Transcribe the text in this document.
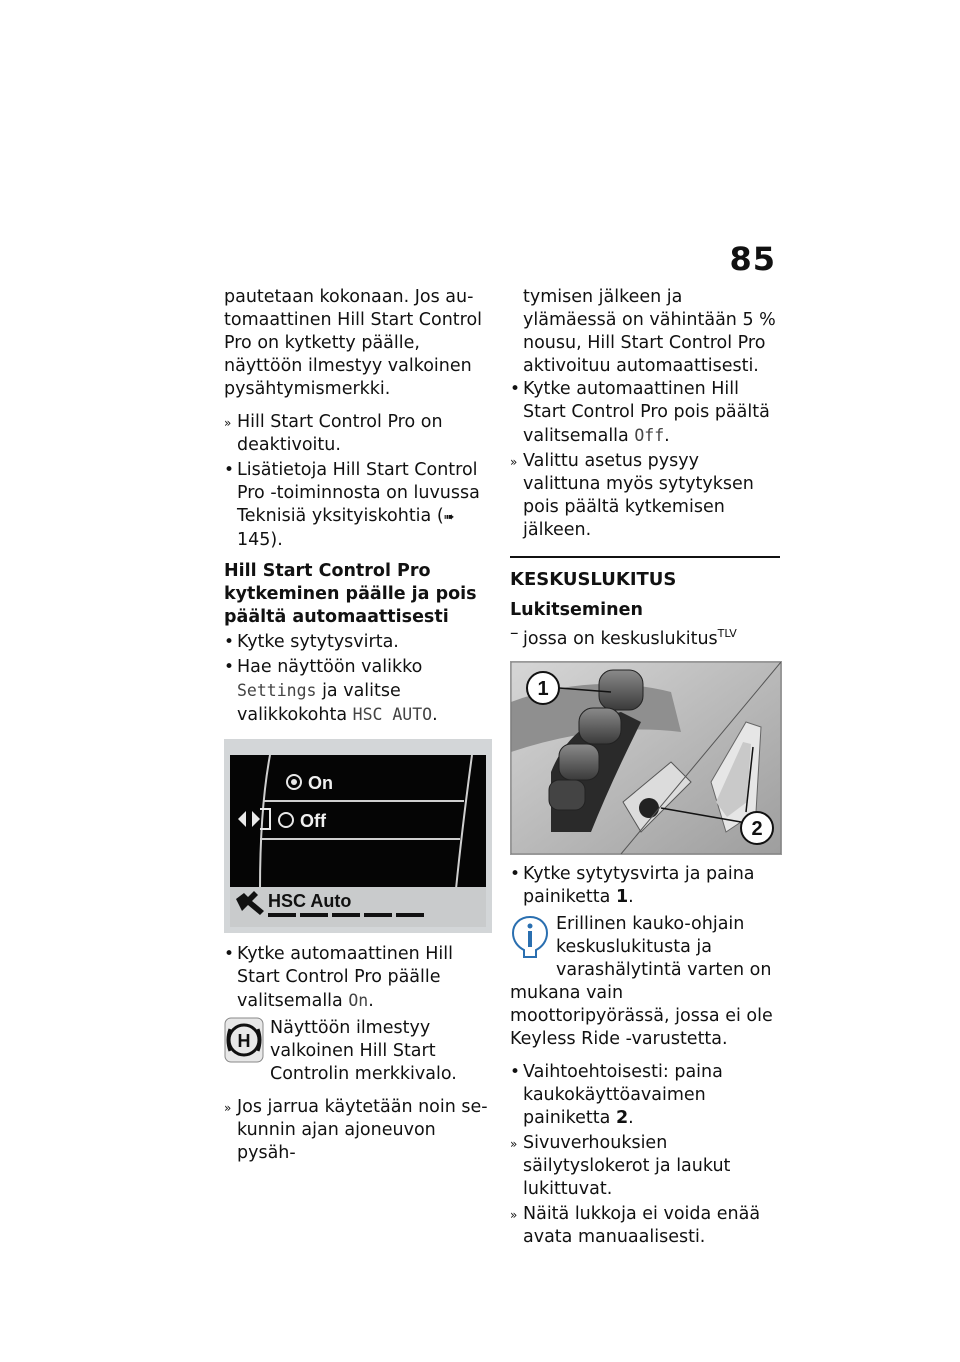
85

pautetaan kokonaan. Jos automaattinen Hill Start Control Pro on kytketty päälle, näyttöön ilmestyy valkoinen pysähtymismerkki.

» Hill Start Control Pro on deaktivoitu.
• Lisätietoja Hill Start Control Pro -toiminnosta on luvussa Teknisiä yksityiskohtia (➠ 145).
Hill Start Control Pro kytkeminen päälle ja pois päältä automaattisesti
• Kytke sytytysvirta.
• Hae näyttöön valikko Settings ja valitse valikkokohta HSC AUTO.
On
Off
HSC Auto
• Kytke automaattinen Hill Start Control Pro päälle valitsemalla On.
H
Näyttöön ilmestyy valkoinen Hill Start Controlin merkkivalo.
» Jos jarrua käytetään noin sekunnin ajan ajoneuvon pysäh-
tymisen jälkeen ja ylämäessä on vähintään 5 % nousu, Hill Start Control Pro aktivoituu automaattisesti.
• Kytke automaattinen Hill Start Control Pro pois päältä valitsemalla Off.
» Valittu asetus pysyy valittuna myös sytytyksen pois päältä kytkemisen jälkeen.
KESKUSLUKITUS
Lukitseminen
– jossa on keskuslukitus$^{TLV}$
1
2
• Kytke sytytysvirta ja paina painiketta 1.
Erillinen kauko-ohjain keskuslukitusta ja varashälytintä varten on mukana vain moottoripyörässä, jossa ei ole Keyless Ride -varustetta.
• Vaihtoehtoisesti: paina kaukokäyttöavaimen painiketta 2.
» Sivuverhouksien säilytyslokerot ja laukut lukittuvat.
» Näitä lukkoja ei voida enää avata manuaalisesti.
